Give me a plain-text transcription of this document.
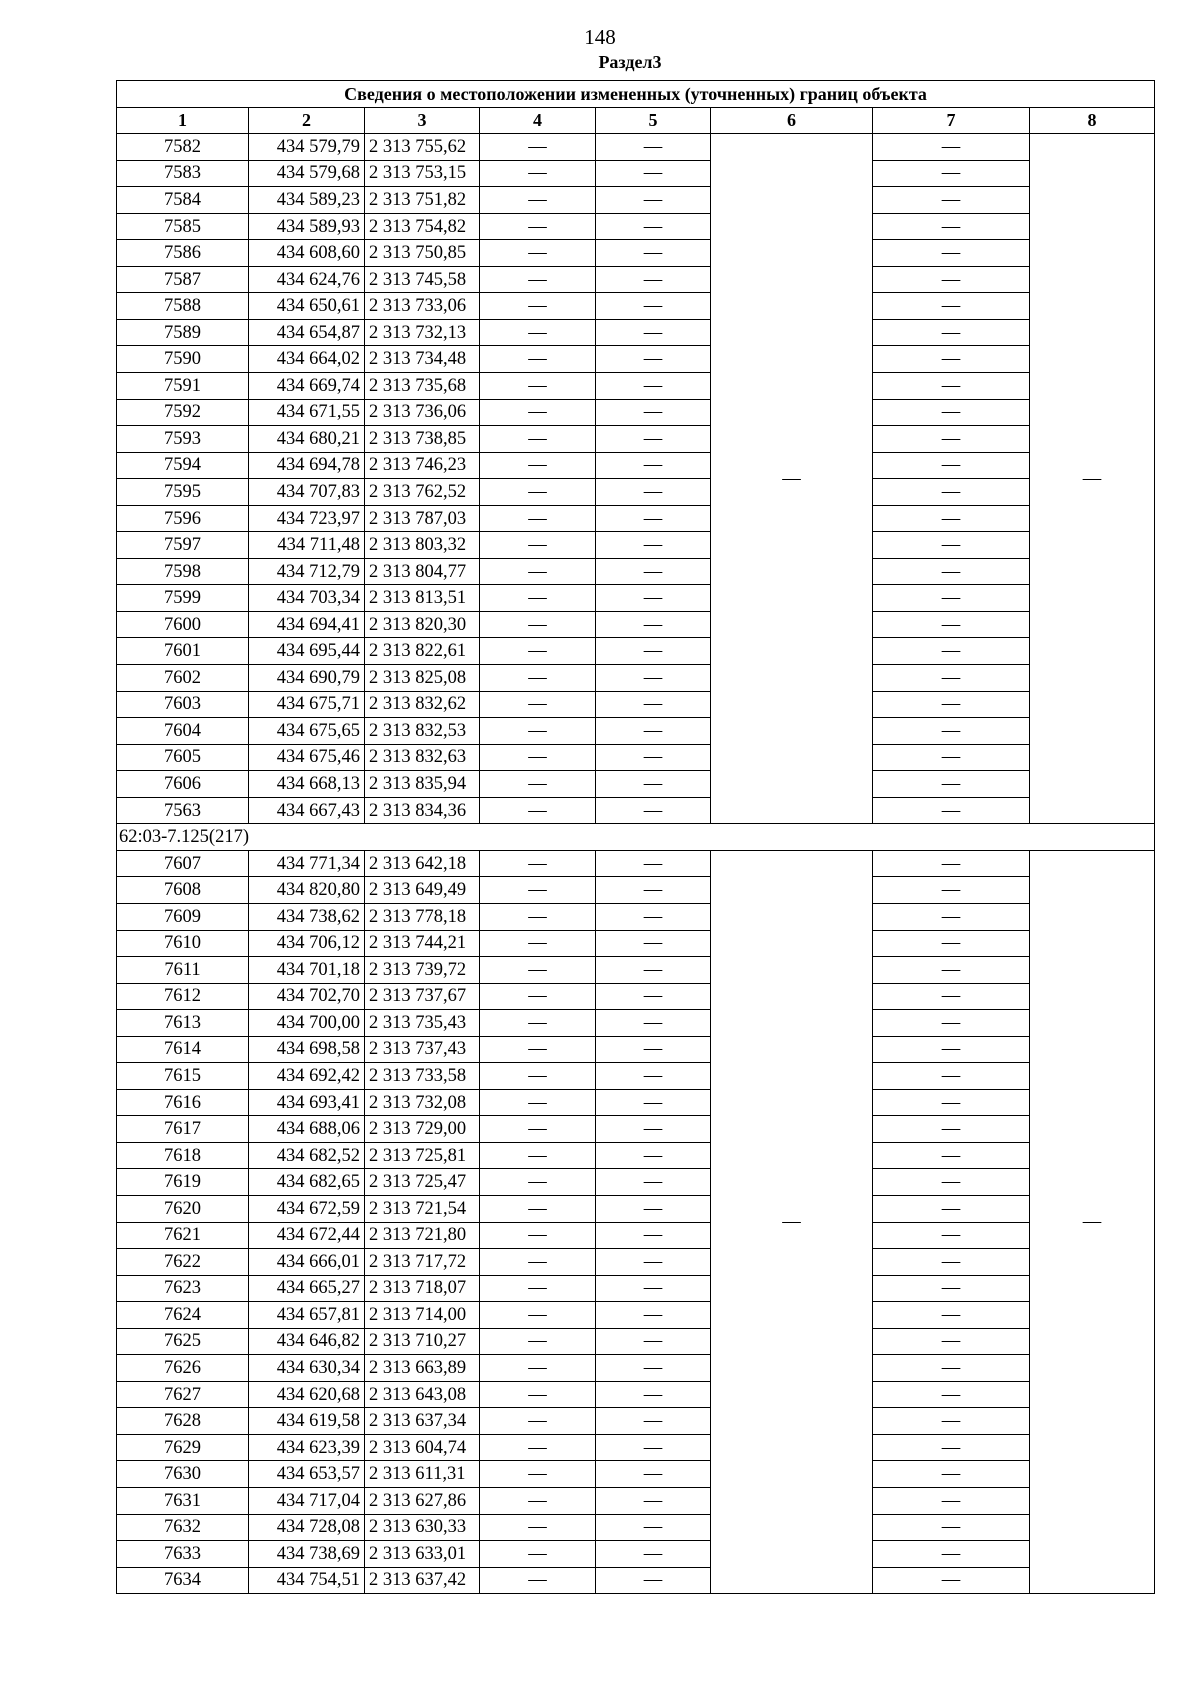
148
Раздел3
Сведения о местоположении измененных (уточненных) границ объекта							
1	2	3	4	5	6	7	8
7582	434 579,79	2 313 755,62	—	—	—	—	—
7583	434 579,68	2 313 753,15	—	—		—	
7584	434 589,23	2 313 751,82	—	—		—	
7585	434 589,93	2 313 754,82	—	—		—	
7586	434 608,60	2 313 750,85	—	—		—	
7587	434 624,76	2 313 745,58	—	—		—	
7588	434 650,61	2 313 733,06	—	—		—	
7589	434 654,87	2 313 732,13	—	—		—	
7590	434 664,02	2 313 734,48	—	—		—	
7591	434 669,74	2 313 735,68	—	—		—	
7592	434 671,55	2 313 736,06	—	—		—	
7593	434 680,21	2 313 738,85	—	—		—	
7594	434 694,78	2 313 746,23	—	—		—	
7595	434 707,83	2 313 762,52	—	—		—	
7596	434 723,97	2 313 787,03	—	—		—	
7597	434 711,48	2 313 803,32	—	—		—	
7598	434 712,79	2 313 804,77	—	—		—	
7599	434 703,34	2 313 813,51	—	—		—	
7600	434 694,41	2 313 820,30	—	—		—	
7601	434 695,44	2 313 822,61	—	—		—	
7602	434 690,79	2 313 825,08	—	—		—	
7603	434 675,71	2 313 832,62	—	—		—	
7604	434 675,65	2 313 832,53	—	—		—	
7605	434 675,46	2 313 832,63	—	—		—	
7606	434 668,13	2 313 835,94	—	—		—	
7563	434 667,43	2 313 834,36	—	—		—	
62:03-7.125(217)							
7607	434 771,34	2 313 642,18	—	—	—	—	—
7608	434 820,80	2 313 649,49	—	—		—	
7609	434 738,62	2 313 778,18	—	—		—	
7610	434 706,12	2 313 744,21	—	—		—	
7611	434 701,18	2 313 739,72	—	—		—	
7612	434 702,70	2 313 737,67	—	—		—	
7613	434 700,00	2 313 735,43	—	—		—	
7614	434 698,58	2 313 737,43	—	—		—	
7615	434 692,42	2 313 733,58	—	—		—	
7616	434 693,41	2 313 732,08	—	—		—	
7617	434 688,06	2 313 729,00	—	—		—	
7618	434 682,52	2 313 725,81	—	—		—	
7619	434 682,65	2 313 725,47	—	—		—	
7620	434 672,59	2 313 721,54	—	—		—	
7621	434 672,44	2 313 721,80	—	—		—	
7622	434 666,01	2 313 717,72	—	—		—	
7623	434 665,27	2 313 718,07	—	—		—	
7624	434 657,81	2 313 714,00	—	—		—	
7625	434 646,82	2 313 710,27	—	—		—	
7626	434 630,34	2 313 663,89	—	—		—	
7627	434 620,68	2 313 643,08	—	—		—	
7628	434 619,58	2 313 637,34	—	—		—	
7629	434 623,39	2 313 604,74	—	—		—	
7630	434 653,57	2 313 611,31	—	—		—	
7631	434 717,04	2 313 627,86	—	—		—	
7632	434 728,08	2 313 630,33	—	—		—	
7633	434 738,69	2 313 633,01	—	—		—	
7634	434 754,51	2 313 637,42	—	—		—	
